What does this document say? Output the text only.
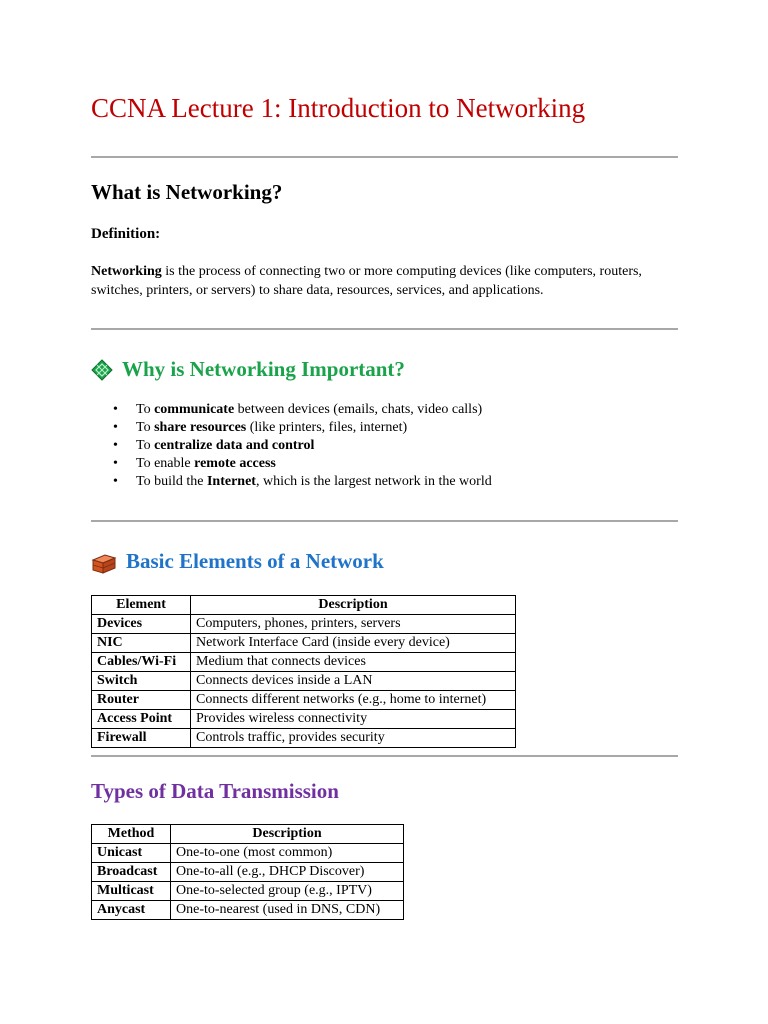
CCNA Lecture 1: Introduction to Networking
What is Networking?
Definition:
Networking is the process of connecting two or more computing devices (like computers, routers, switches, printers, or servers) to share data, resources, services, and applications.
Why is Networking Important?
• To communicate between devices (emails, chats, video calls)
• To share resources (like printers, files, internet)
• To centralize data and control
• To enable remote access
• To build the Internet, which is the largest network in the world
Basic Elements of a Network
Element	Description
Devices	Computers, phones, printers, servers
NIC	Network Interface Card (inside every device)
Cables/Wi-Fi	Medium that connects devices
Switch	Connects devices inside a LAN
Router	Connects different networks (e.g., home to internet)
Access Point	Provides wireless connectivity
Firewall	Controls traffic, provides security
Types of Data Transmission
Method	Description
Unicast	One-to-one (most common)
Broadcast	One-to-all (e.g., DHCP Discover)
Multicast	One-to-selected group (e.g., IPTV)
Anycast	One-to-nearest (used in DNS, CDN)
